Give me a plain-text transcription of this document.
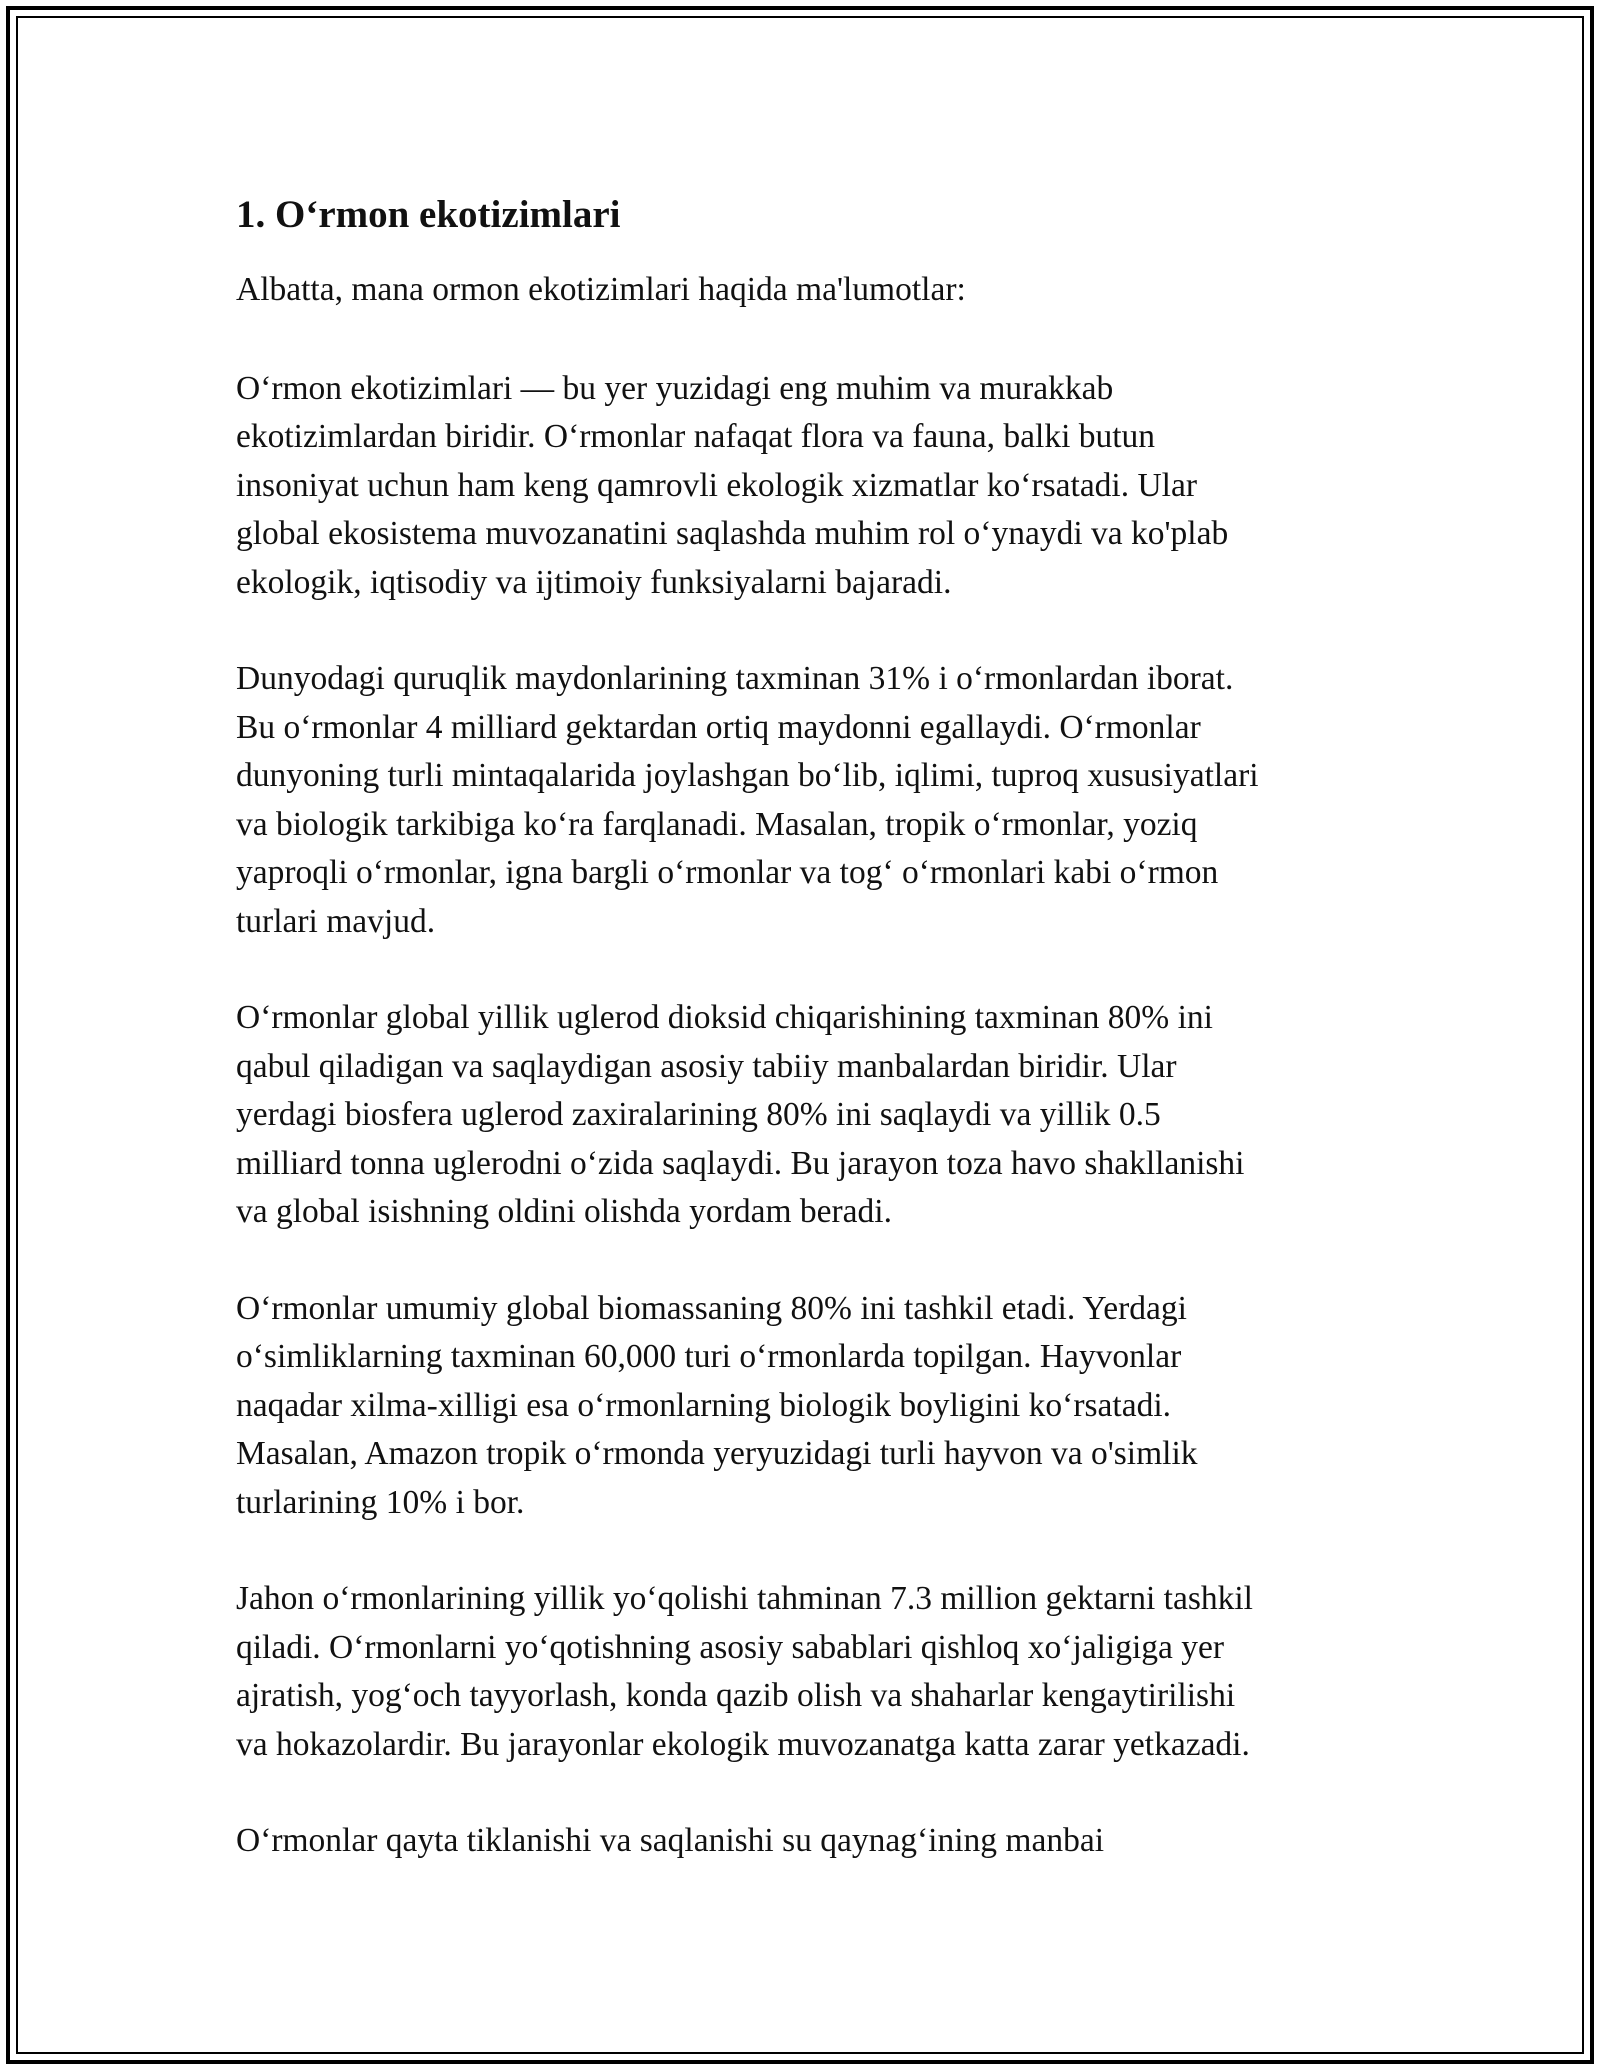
1. O‘rmon ekotizimlari

Albatta, mana ormon ekotizimlari haqida ma'lumotlar:

O‘rmon ekotizimlari — bu yer yuzidagi eng muhim va murakkab
ekotizimlardan biridir. O‘rmonlar nafaqat flora va fauna, balki butun
insoniyat uchun ham keng qamrovli ekologik xizmatlar ko‘rsatadi. Ular
global ekosistema muvozanatini saqlashda muhim rol o‘ynaydi va ko'plab
ekologik, iqtisodiy va ijtimoiy funksiyalarni bajaradi.

Dunyodagi quruqlik maydonlarining taxminan 31% i o‘rmonlardan iborat.
Bu o‘rmonlar 4 milliard gektardan ortiq maydonni egallaydi. O‘rmonlar
dunyoning turli mintaqalarida joylashgan bo‘lib, iqlimi, tuproq xususiyatlari
va biologik tarkibiga ko‘ra farqlanadi. Masalan, tropik o‘rmonlar, yoziq
yaproqli o‘rmonlar, igna bargli o‘rmonlar va tog‘ o‘rmonlari kabi o‘rmon
turlari mavjud.

O‘rmonlar global yillik uglerod dioksid chiqarishining taxminan 80% ini
qabul qiladigan va saqlaydigan asosiy tabiiy manbalardan biridir. Ular
yerdagi biosfera uglerod zaxiralarining 80% ini saqlaydi va yillik 0.5
milliard tonna uglerodni o‘zida saqlaydi. Bu jarayon toza havo shakllanishi
va global isishning oldini olishda yordam beradi.

O‘rmonlar umumiy global biomassaning 80% ini tashkil etadi. Yerdagi
o‘simliklarning taxminan 60,000 turi o‘rmonlarda topilgan. Hayvonlar
naqadar xilma-xilligi esa o‘rmonlarning biologik boyligini ko‘rsatadi.
Masalan, Amazon tropik o‘rmonda yeryuzidagi turli hayvon va o'simlik
turlarining 10% i bor.

Jahon o‘rmonlarining yillik yo‘qolishi tahminan 7.3 million gektarni tashkil
qiladi. O‘rmonlarni yo‘qotishning asosiy sabablari qishloq xo‘jaligiga yer
ajratish, yog‘och tayyorlash, konda qazib olish va shaharlar kengaytirilishi
va hokazolardir. Bu jarayonlar ekologik muvozanatga katta zarar yetkazadi.

O‘rmonlar qayta tiklanishi va saqlanishi su qaynag‘ining manbai
